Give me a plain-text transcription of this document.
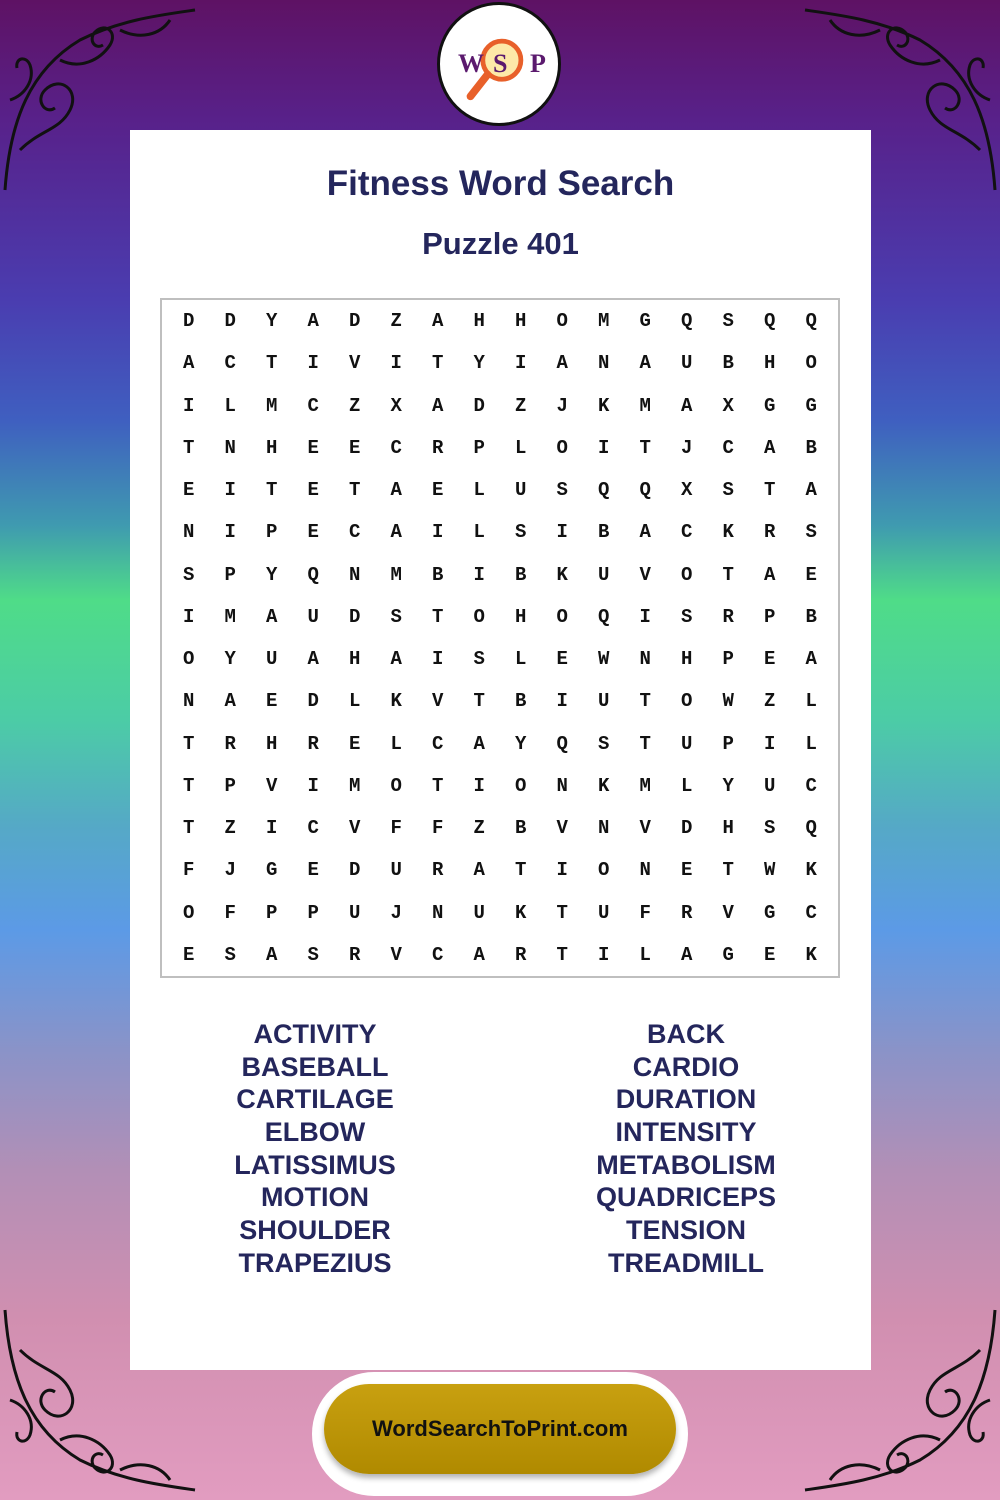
W S P
Fitness Word Search
Puzzle 401
D	D	Y	A	D	Z	A	H	H	O	M	G	Q	S	Q	Q
A	C	T	I	V	I	T	Y	I	A	N	A	U	B	H	O
I	L	M	C	Z	X	A	D	Z	J	K	M	A	X	G	G
T	N	H	E	E	C	R	P	L	O	I	T	J	C	A	B
E	I	T	E	T	A	E	L	U	S	Q	Q	X	S	T	A
N	I	P	E	C	A	I	L	S	I	B	A	C	K	R	S
S	P	Y	Q	N	M	B	I	B	K	U	V	O	T	A	E
I	M	A	U	D	S	T	O	H	O	Q	I	S	R	P	B
O	Y	U	A	H	A	I	S	L	E	W	N	H	P	E	A
N	A	E	D	L	K	V	T	B	I	U	T	O	W	Z	L
T	R	H	R	E	L	C	A	Y	Q	S	T	U	P	I	L
T	P	V	I	M	O	T	I	O	N	K	M	L	Y	U	C
T	Z	I	C	V	F	F	Z	B	V	N	V	D	H	S	Q
F	J	G	E	D	U	R	A	T	I	O	N	E	T	W	K
O	F	P	P	U	J	N	U	K	T	U	F	R	V	G	C
E	S	A	S	R	V	C	A	R	T	I	L	A	G	E	K
ACTIVITY
BASEBALL
CARTILAGE
ELBOW
LATISSIMUS
MOTION
SHOULDER
TRAPEZIUS
BACK
CARDIO
DURATION
INTENSITY
METABOLISM
QUADRICEPS
TENSION
TREADMILL
WordSearchToPrint.com
